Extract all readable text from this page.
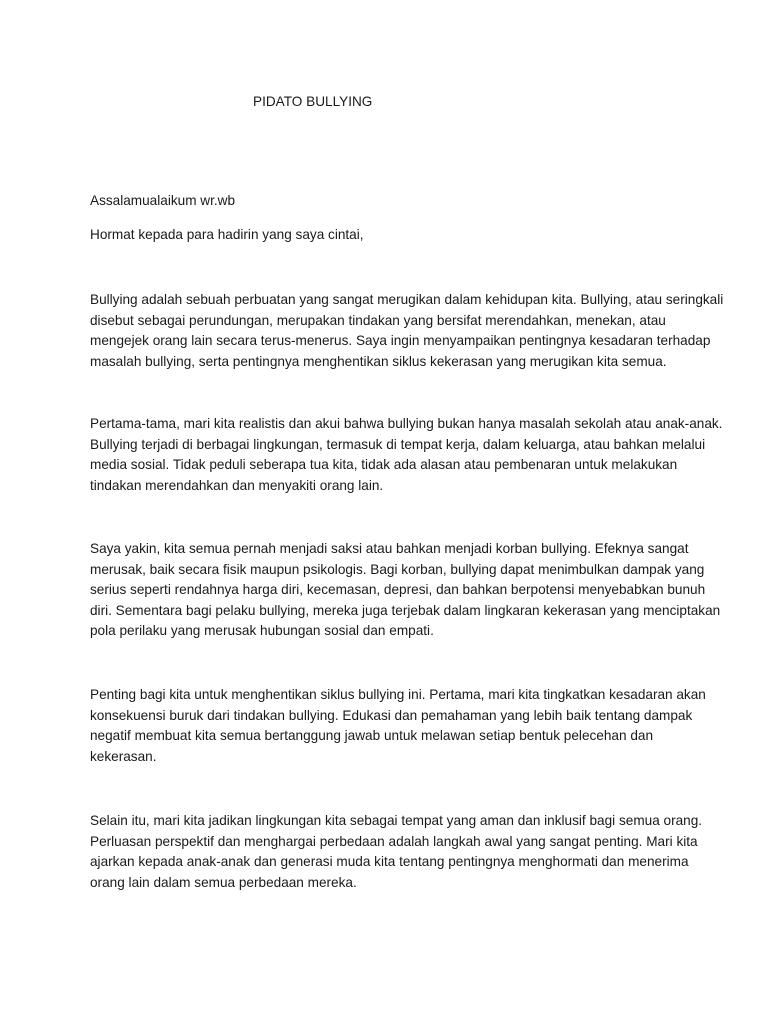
PIDATO BULLYING
Assalamualaikum wr.wb
Hormat kepada para hadirin yang saya cintai,
Bullying adalah sebuah perbuatan yang sangat merugikan dalam kehidupan kita. Bullying, atau seringkali
disebut sebagai perundungan, merupakan tindakan yang bersifat merendahkan, menekan, atau
mengejek orang lain secara terus-menerus. Saya ingin menyampaikan pentingnya kesadaran terhadap
masalah bullying, serta pentingnya menghentikan siklus kekerasan yang merugikan kita semua.
Pertama-tama, mari kita realistis dan akui bahwa bullying bukan hanya masalah sekolah atau anak-anak.
Bullying terjadi di berbagai lingkungan, termasuk di tempat kerja, dalam keluarga, atau bahkan melalui
media sosial. Tidak peduli seberapa tua kita, tidak ada alasan atau pembenaran untuk melakukan
tindakan merendahkan dan menyakiti orang lain.
Saya yakin, kita semua pernah menjadi saksi atau bahkan menjadi korban bullying. Efeknya sangat
merusak, baik secara fisik maupun psikologis. Bagi korban, bullying dapat menimbulkan dampak yang
serius seperti rendahnya harga diri, kecemasan, depresi, dan bahkan berpotensi menyebabkan bunuh
diri. Sementara bagi pelaku bullying, mereka juga terjebak dalam lingkaran kekerasan yang menciptakan
pola perilaku yang merusak hubungan sosial dan empati.
Penting bagi kita untuk menghentikan siklus bullying ini. Pertama, mari kita tingkatkan kesadaran akan
konsekuensi buruk dari tindakan bullying. Edukasi dan pemahaman yang lebih baik tentang dampak
negatif membuat kita semua bertanggung jawab untuk melawan setiap bentuk pelecehan dan
kekerasan.
Selain itu, mari kita jadikan lingkungan kita sebagai tempat yang aman dan inklusif bagi semua orang.
Perluasan perspektif dan menghargai perbedaan adalah langkah awal yang sangat penting. Mari kita
ajarkan kepada anak-anak dan generasi muda kita tentang pentingnya menghormati dan menerima
orang lain dalam semua perbedaan mereka.
